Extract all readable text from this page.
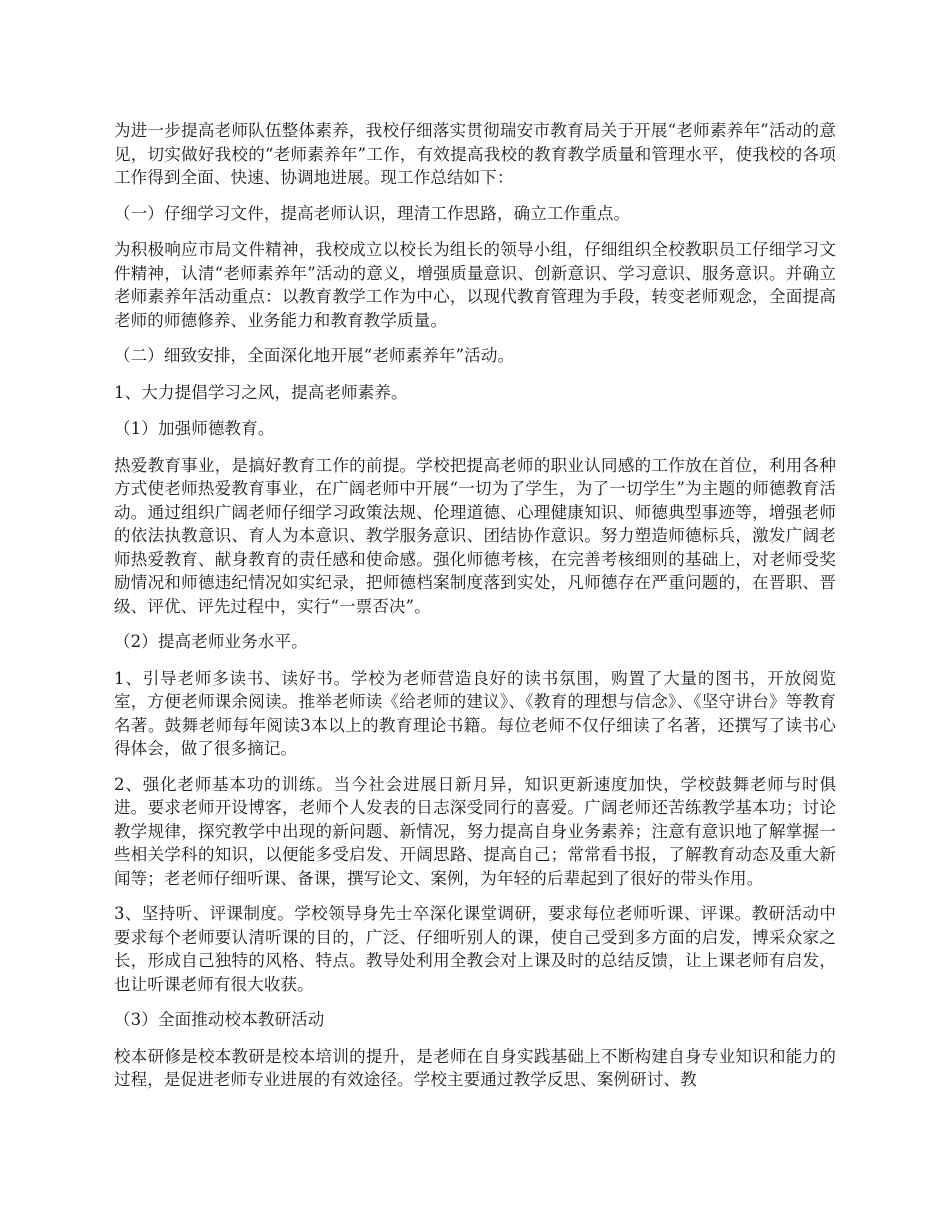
为进一步提高老师队伍整体素养，我校仔细落实贯彻瑞安市教育局关于开展“老师素养年”活动的意见，切实做好我校的“老师素养年”工作，有效提高我校的教育教学质量和管理水平，使我校的各项工作得到全面、快速、协调地进展。现工作总结如下：

（一）仔细学习文件，提高老师认识，理清工作思路，确立工作重点。

为积极响应市局文件精神，我校成立以校长为组长的领导小组，仔细组织全校教职员工仔细学习文件精神，认清“老师素养年”活动的意义，增强质量意识、创新意识、学习意识、服务意识。并确立老师素养年活动重点：以教育教学工作为中心，以现代教育管理为手段，转变老师观念，全面提高老师的师德修养、业务能力和教育教学质量。

（二）细致安排，全面深化地开展“老师素养年”活动。

1、大力提倡学习之风，提高老师素养。

（1）加强师德教育。

热爱教育事业，是搞好教育工作的前提。学校把提高老师的职业认同感的工作放在首位，利用各种方式使老师热爱教育事业，在广阔老师中开展“一切为了学生，为了一切学生”为主题的师德教育活动。通过组织广阔老师仔细学习政策法规、伦理道德、心理健康知识、师德典型事迹等，增强老师的依法执教意识、育人为本意识、教学服务意识、团结协作意识。努力塑造师德标兵，激发广阔老师热爱教育、献身教育的责任感和使命感。强化师德考核，在完善考核细则的基础上，对老师受奖励情况和师德违纪情况如实纪录，把师德档案制度落到实处，凡师德存在严重问题的，在晋职、晋级、评优、评先过程中，实行“一票否决”。

（2）提高老师业务水平。

1、引导老师多读书、读好书。学校为老师营造良好的读书氛围，购置了大量的图书，开放阅览室，方便老师课余阅读。推举老师读《给老师的建议》、《教育的理想与信念》、《坚守讲台》等教育名著。鼓舞老师每年阅读3本以上的教育理论书籍。每位老师不仅仔细读了名著，还撰写了读书心得体会，做了很多摘记。

2、强化老师基本功的训练。当今社会进展日新月异，知识更新速度加快，学校鼓舞老师与时俱进。要求老师开设博客，老师个人发表的日志深受同行的喜爱。广阔老师还苦练教学基本功；讨论教学规律，探究教学中出现的新问题、新情况，努力提高自身业务素养；注意有意识地了解掌握一些相关学科的知识，以便能多受启发、开阔思路、提高自己；常常看书报，了解教育动态及重大新闻等；老老师仔细听课、备课，撰写论文、案例，为年轻的后辈起到了很好的带头作用。

3、坚持听、评课制度。学校领导身先士卒深化课堂调研，要求每位老师听课、评课。教研活动中要求每个老师要认清听课的目的，广泛、仔细听别人的课，使自己受到多方面的启发，博采众家之长，形成自己独特的风格、特点。教导处利用全教会对上课及时的总结反馈，让上课老师有启发，也让听课老师有很大收获。

（3）全面推动校本教研活动

校本研修是校本教研是校本培训的提升，是老师在自身实践基础上不断构建自身专业知识和能力的过程，是促进老师专业进展的有效途径。学校主要通过教学反思、案例研讨、教
